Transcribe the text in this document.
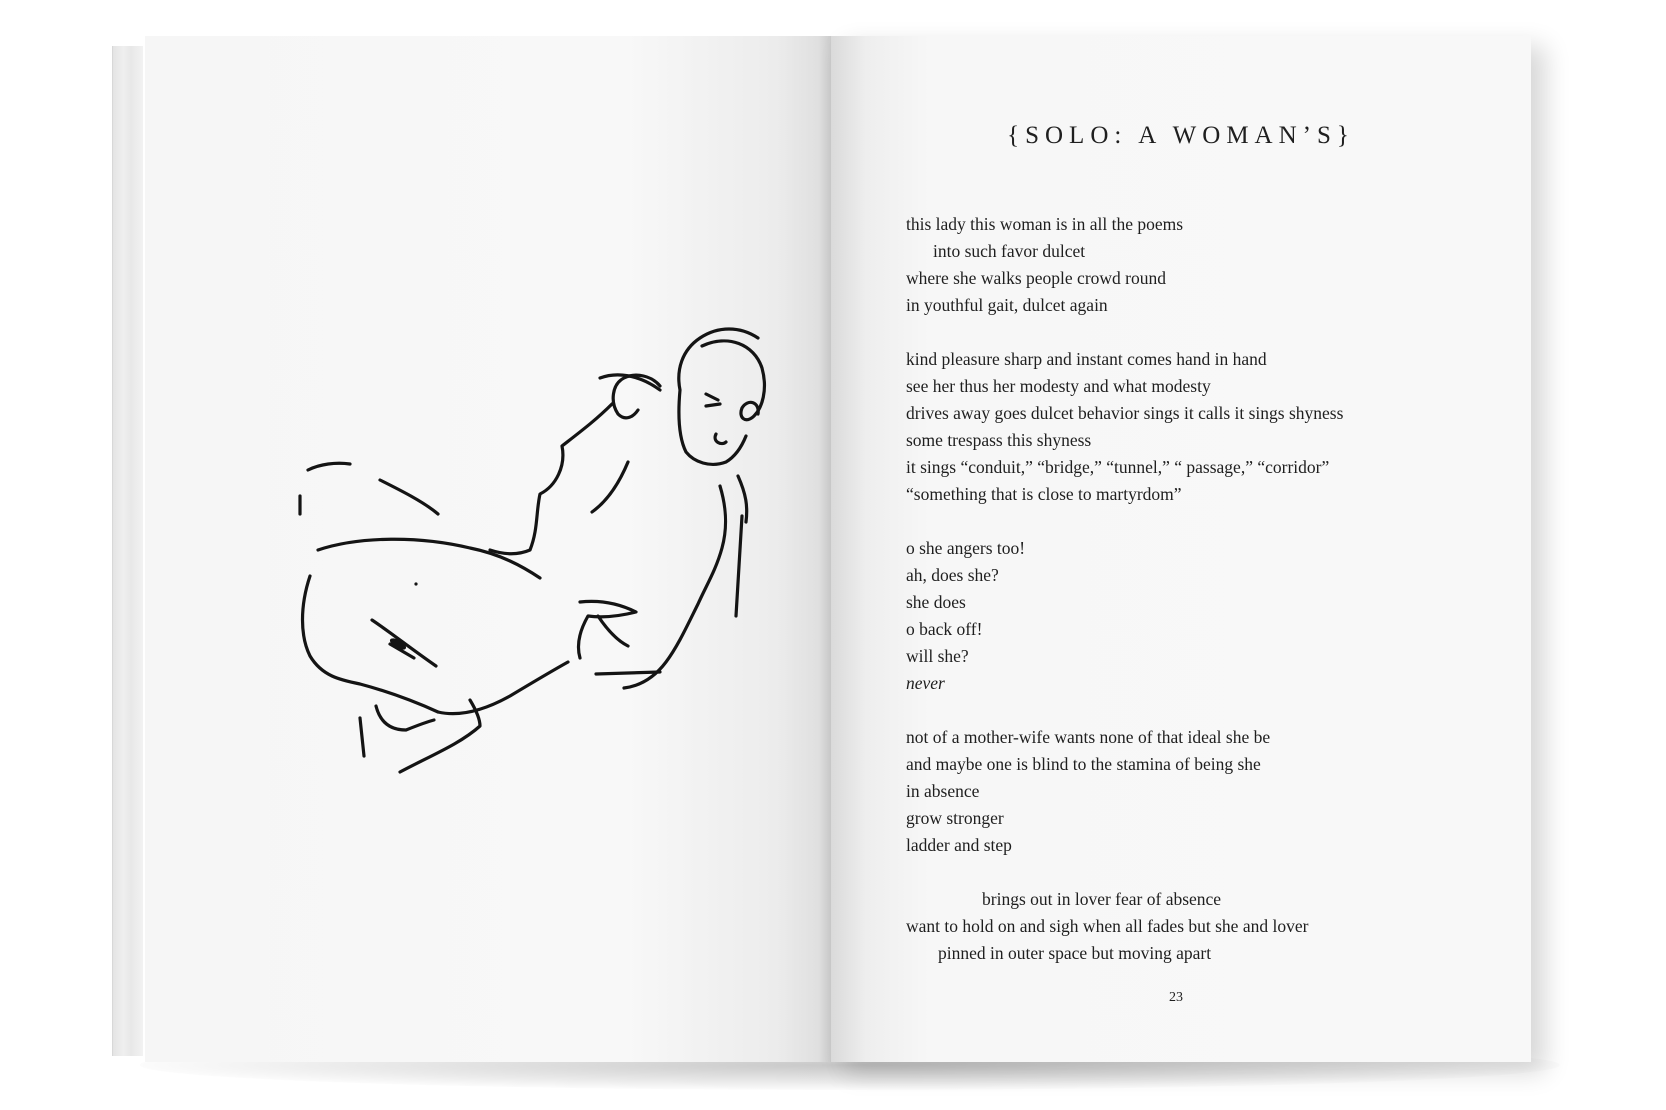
{SOLO: A WOMAN’S}
this lady this woman is in all the poems
into such favor dulcet
where she walks people crowd round
in youthful gait, dulcet again
kind pleasure sharp and instant comes hand in hand
see her thus her modesty and what modesty
drives away goes dulcet behavior sings it calls it sings shyness
some trespass this shyness
it sings “conduit,” “bridge,” “tunnel,” “ passage,” “corridor”
“something that is close to martyrdom”
o she angers too!
ah, does she?
she does
o back off!
will she?
never
not of a mother-wife wants none of that ideal she be
and maybe one is blind to the stamina of being she
in absence
grow stronger
ladder and step
brings out in lover fear of absence
want to hold on and sigh when all fades but she and lover
pinned in outer space but moving apart
23
